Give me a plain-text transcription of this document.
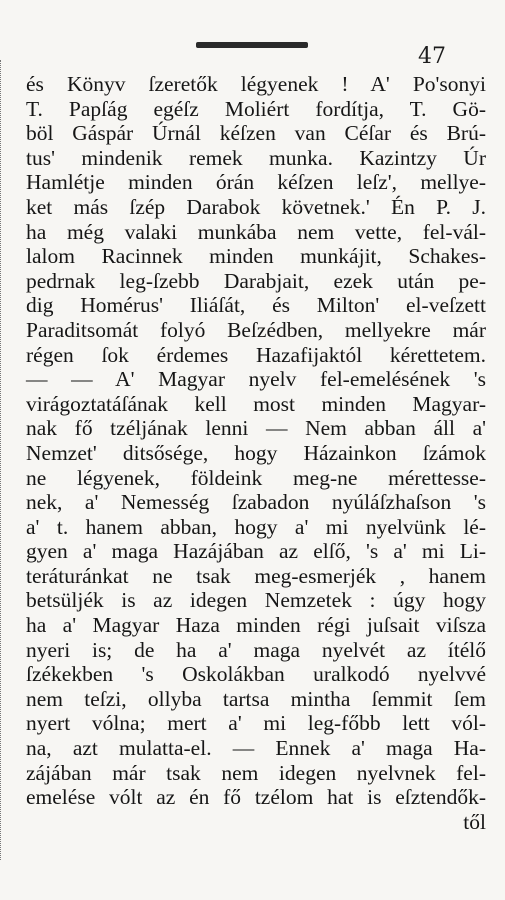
47
és Könyv ſzeretők légyenek ! A' Po'sonyi
T. Papſág egéſz Moliért fordítja, T. Gö-
böl Gáspár Úrnál kéſzen van Céſar és Brú-
tus' mindenik remek munka. Kazintzy Úr
Hamlétje minden órán kéſzen leſz', mellye-
ket más ſzép Darabok követnek.' Én P. J.
ha még valaki munkába nem vette, fel-vál-
lalom Racinnek minden munkájit, Schakes-
pedrnak leg-ſzebb Darabjait, ezek után pe-
dig Homérus' Iliáſát, és Milton' el-veſzett
Paraditsomát folyó Beſzédben, mellyekre már
régen ſok érdemes Hazafijaktól kérettetem.
— — A' Magyar nyelv fel-emelésének 's
virágoztatáſának kell most minden Magyar-
nak fő tzéljának lenni — Nem abban áll a'
Nemzet' ditsősége, hogy Házainkon ſzámok
ne légyenek, földeink meg-ne mérettesse-
nek, a' Nemesség ſzabadon nyúláſzhaſson 's
a' t. hanem abban, hogy a' mi nyelvünk lé-
gyen a' maga Hazájában az elſő, 's a' mi Li-
teráturánkat ne tsak meg-esmerjék , hanem
betsüljék is az idegen Nemzetek : úgy hogy
ha a' Magyar Haza minden régi juſsait viſsza
nyeri is; de ha a' maga nyelvét az ítélő
ſzékekben 's Oskolákban uralkodó nyelvvé
nem teſzi, ollyba tartsa mintha ſemmit ſem
nyert vólna; mert a' mi leg-főbb lett vól-
na, azt mulatta-el. — Ennek a' maga Ha-
zájában már tsak nem idegen nyelvnek fel-
emelése vólt az én fő tzélom hat is eſztendők-
től
